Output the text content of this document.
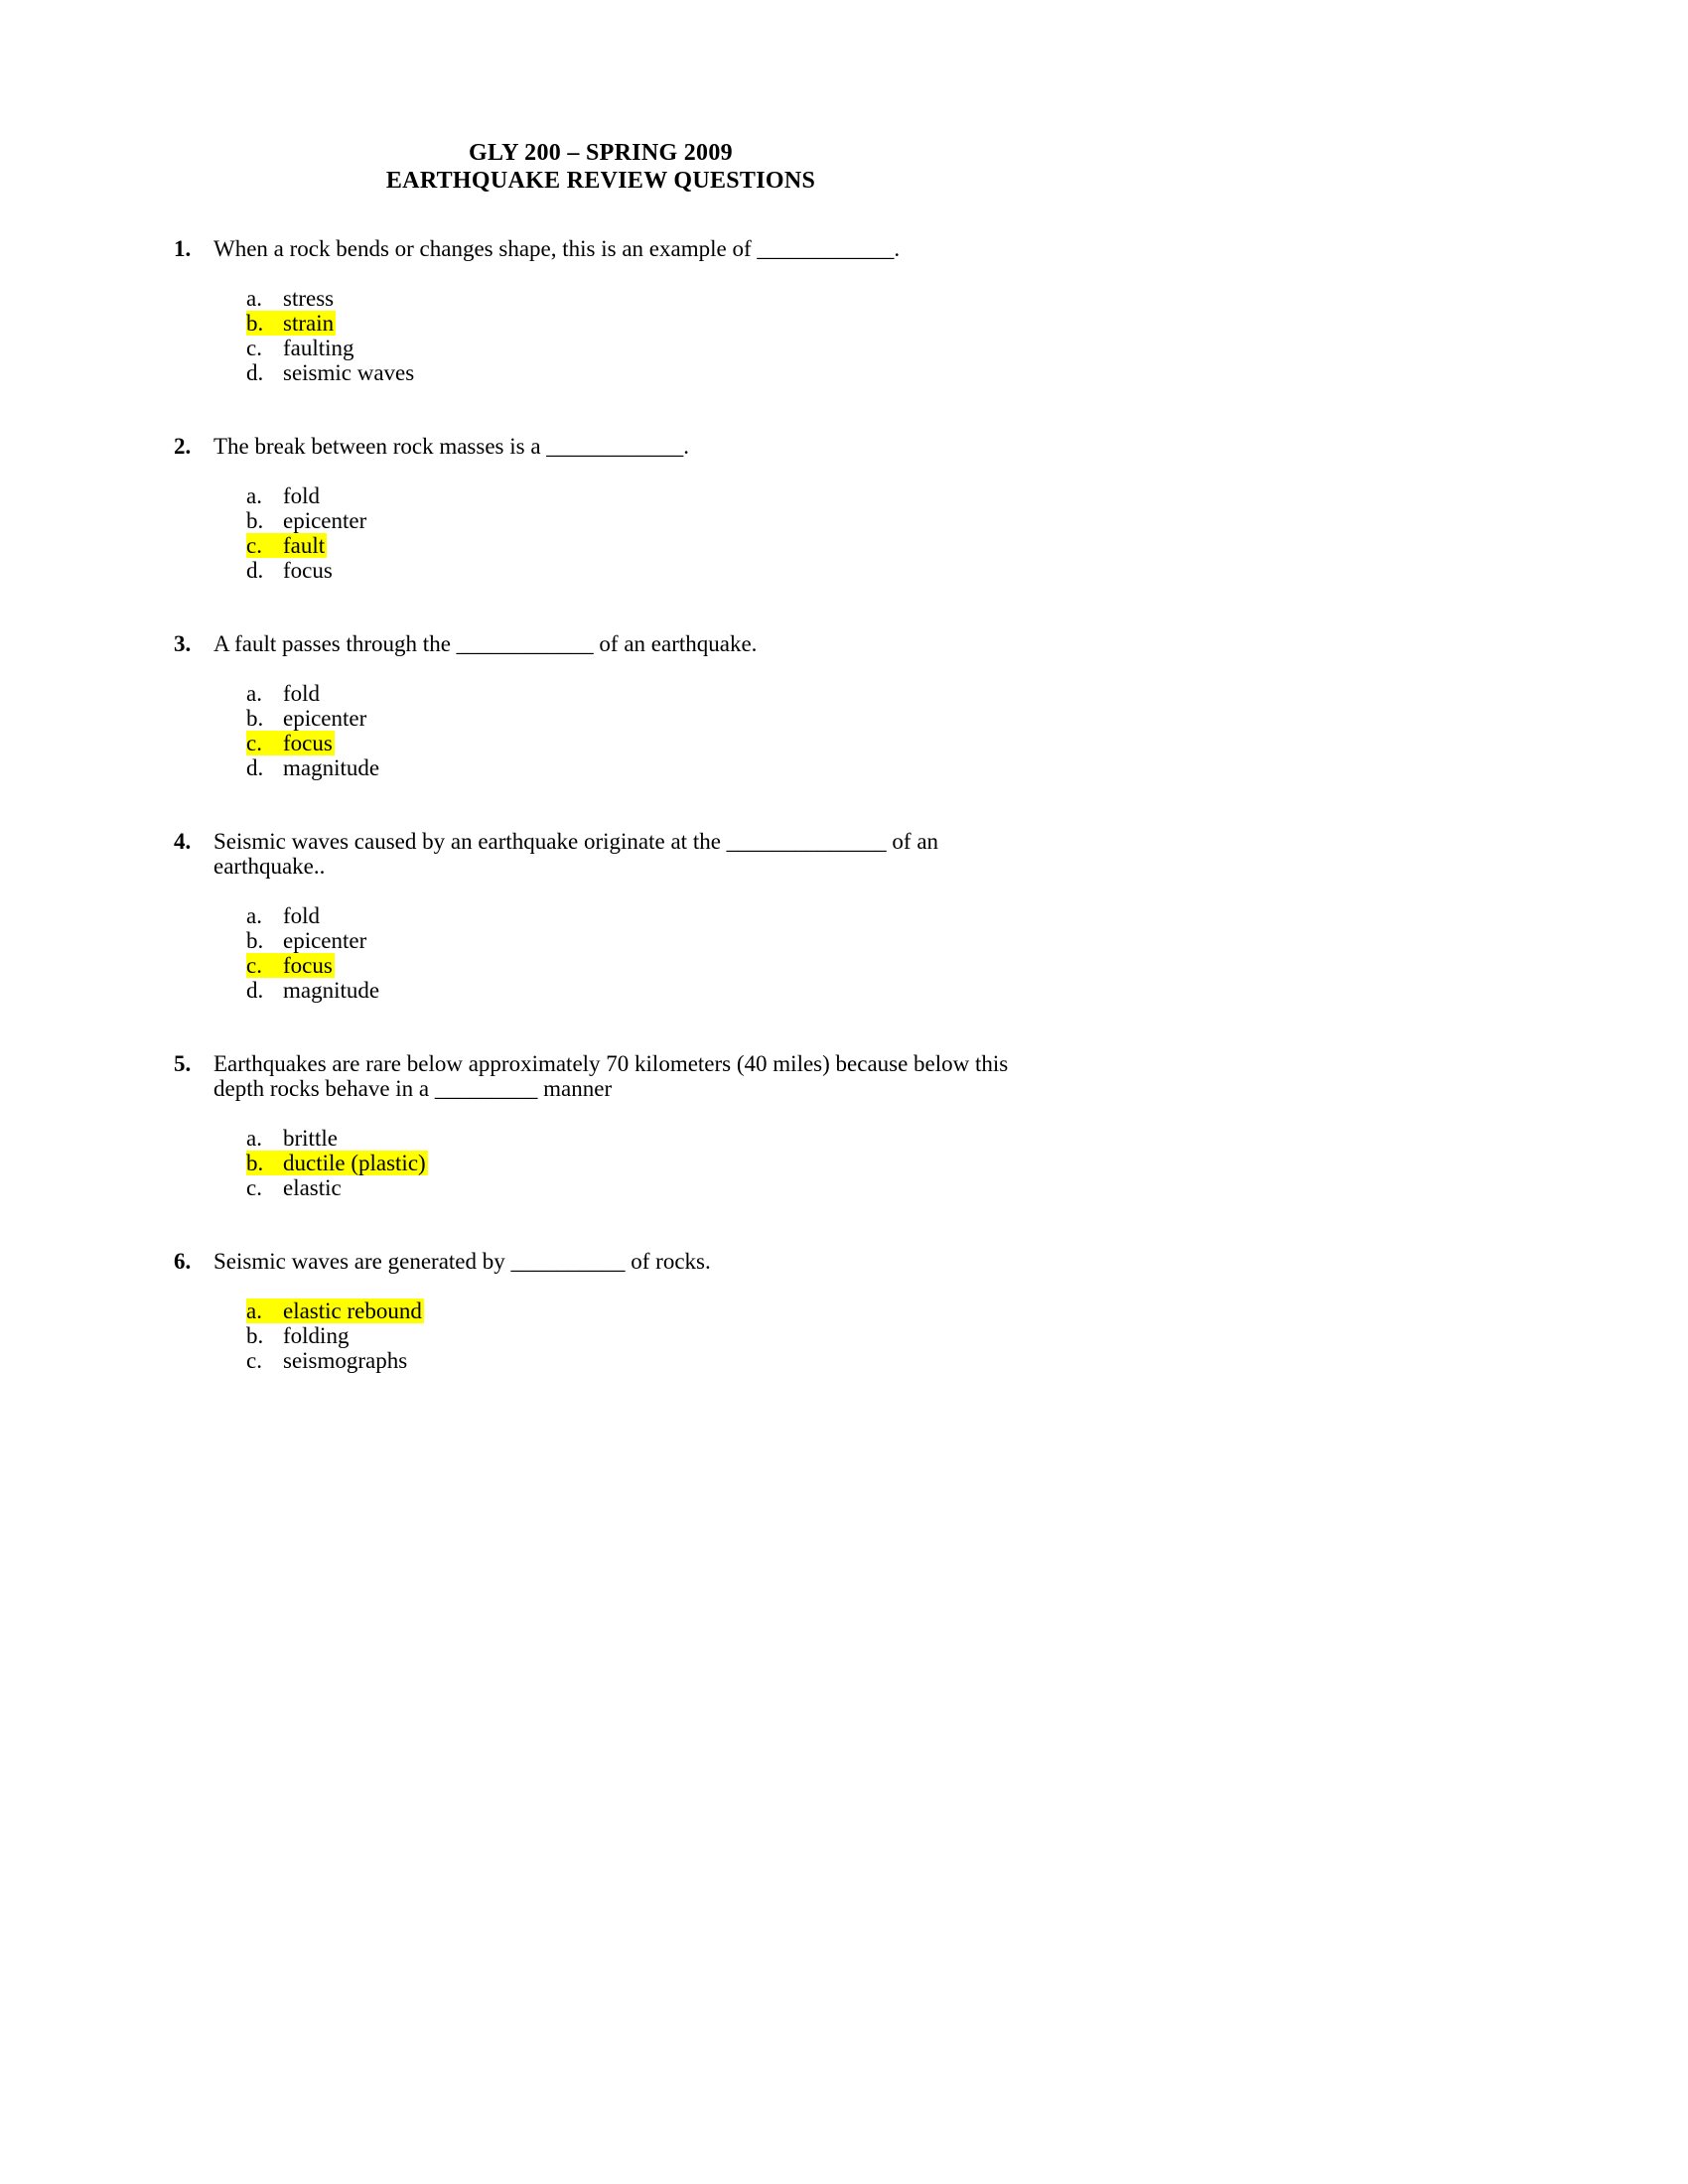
GLY 200 – SPRING 2009
EARTHQUAKE REVIEW QUESTIONS
1. When a rock bends or changes shape, this is an example of ____________.
a. stress
b. strain
c. faulting
d. seismic waves
2. The break between rock masses is a ____________.
a. fold
b. epicenter
c. fault
d. focus
3. A fault passes through the ____________ of an earthquake.
a. fold
b. epicenter
c. focus
d. magnitude
4. Seismic waves caused by an earthquake originate at the ______________ of an earthquake..
a. fold
b. epicenter
c. focus
d. magnitude
5. Earthquakes are rare below approximately 70 kilometers (40 miles) because below this depth rocks behave in a _________ manner
a. brittle
b. ductile (plastic)
c. elastic
6. Seismic waves are generated by __________ of rocks.
a. elastic rebound
b. folding
c. seismographs
